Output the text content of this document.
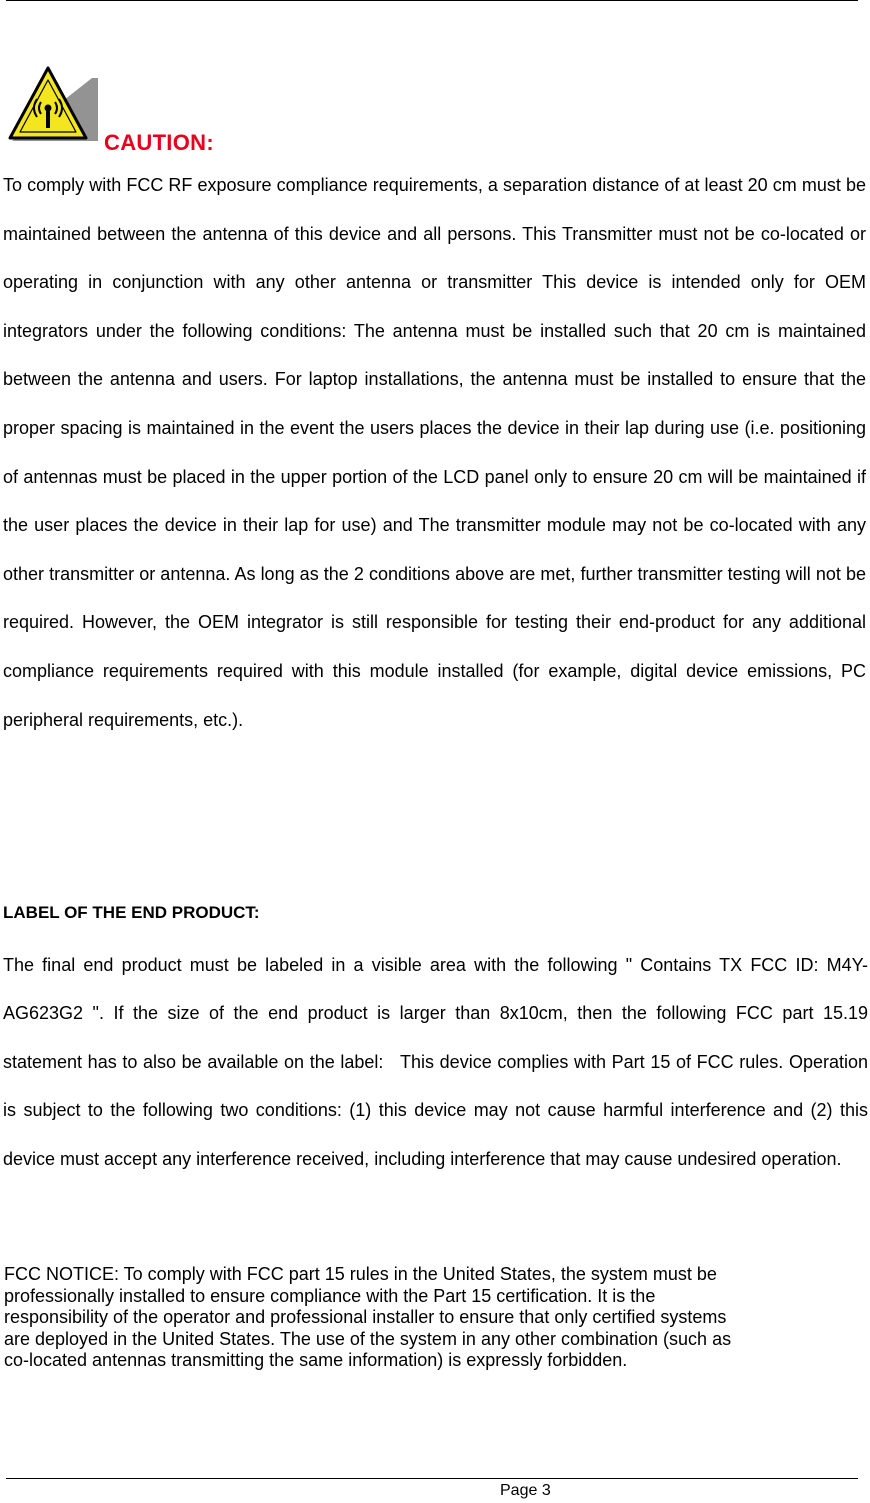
CAUTION:

To comply with FCC RF exposure compliance requirements, a separation distance of at least 20 cm must be maintained between the antenna of this device and all persons. This Transmitter must not be co-located or operating in conjunction with any other antenna or transmitter This device is intended only for OEM integrators under the following conditions: The antenna must be installed such that 20 cm is maintained between the antenna and users. For laptop installations, the antenna must be installed to ensure that the proper spacing is maintained in the event the users places the device in their lap during use (i.e. positioning of antennas must be placed in the upper portion of the LCD panel only to ensure 20 cm will be maintained if the user places the device in their lap for use) and The transmitter module may not be co-located with any other transmitter or antenna. As long as the 2 conditions above are met, further transmitter testing will not be required. However, the OEM integrator is still responsible for testing their end-product for any additional compliance requirements required with this module installed (for example, digital device emissions, PC peripheral requirements, etc.).

LABEL OF THE END PRODUCT:

The final end product must be labeled in a visible area with the following " Contains TX FCC ID: M4Y-AG623G2 ". If the size of the end product is larger than 8x10cm, then the following FCC part 15.19 statement has to also be available on the label:   This device complies with Part 15 of FCC rules. Operation is subject to the following two conditions: (1) this device may not cause harmful interference and (2) this device must accept any interference received, including interference that may cause undesired operation.

FCC NOTICE: To comply with FCC part 15 rules in the United States, the system must be
professionally installed to ensure compliance with the Part 15 certification. It is the
responsibility of the operator and professional installer to ensure that only certified systems
are deployed in the United States. The use of the system in any other combination (such as
co-located antennas transmitting the same information) is expressly forbidden.
Page 3
